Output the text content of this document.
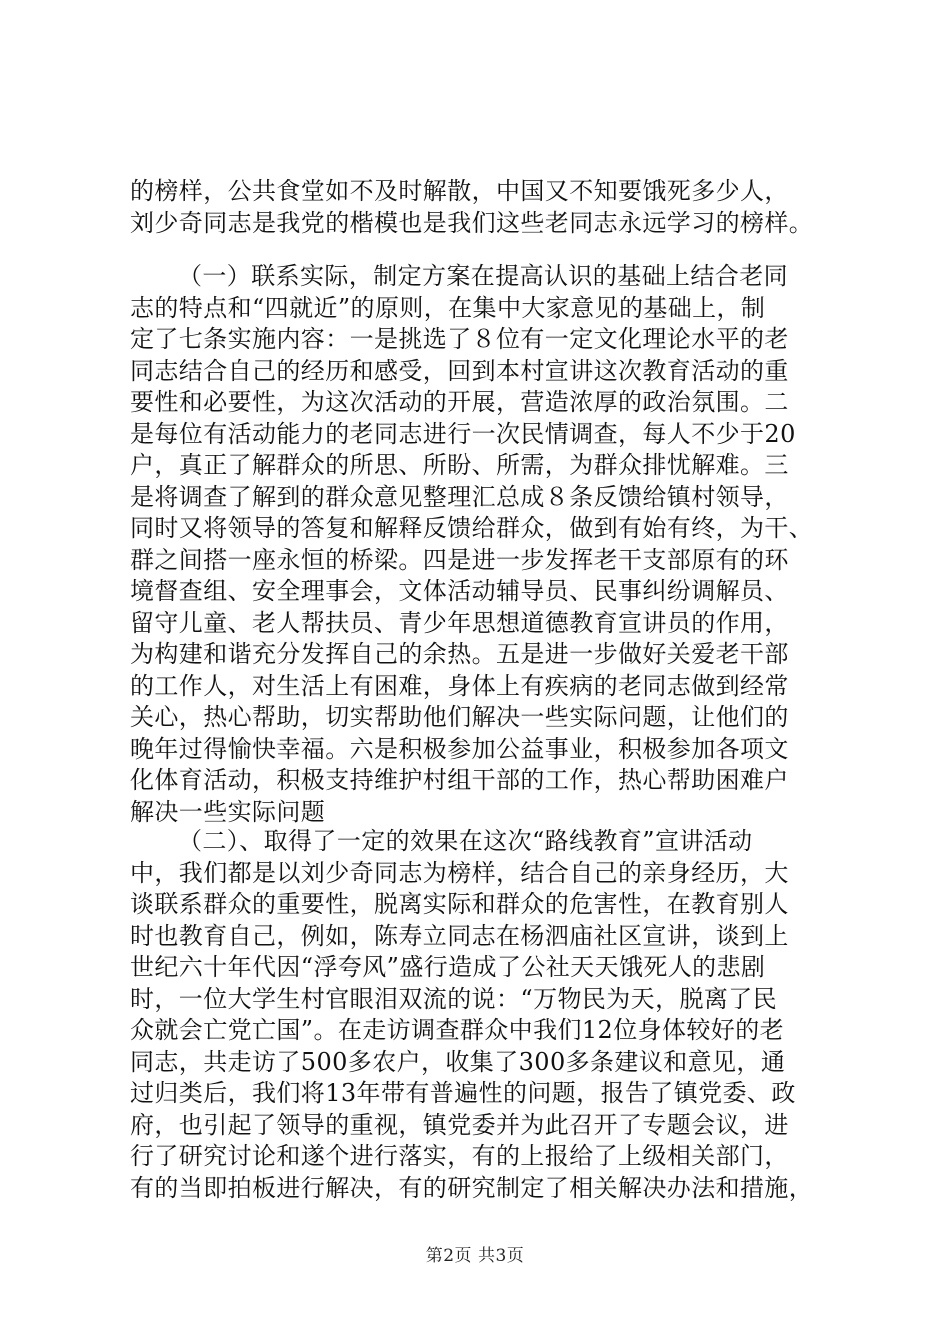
的榜样，公共食堂如不及时解散，中国又不知要饿死多少人，
刘少奇同志是我党的楷模也是我们这些老同志永远学习的榜样。
（一）联系实际，制定方案在提高认识的基础上结合老同
志的特点和“四就近”的原则，在集中大家意见的基础上，制
定了七条实施内容：一是挑选了８位有一定文化理论水平的老
同志结合自己的经历和感受，回到本村宣讲这次教育活动的重
要性和必要性，为这次活动的开展，营造浓厚的政治氛围。二
是每位有活动能力的老同志进行一次民情调查，每人不少于20
户，真正了解群众的所思、所盼、所需，为群众排忧解难。三
是将调查了解到的群众意见整理汇总成８条反馈给镇村领导，
同时又将领导的答复和解释反馈给群众，做到有始有终，为干、
群之间搭一座永恒的桥梁。四是进一步发挥老干支部原有的环
境督查组、安全理事会，文体活动辅导员、民事纠纷调解员、
留守儿童、老人帮扶员、青少年思想道德教育宣讲员的作用，
为构建和谐充分发挥自己的余热。五是进一步做好关爱老干部
的工作人，对生活上有困难，身体上有疾病的老同志做到经常
关心，热心帮助，切实帮助他们解决一些实际问题，让他们的
晚年过得愉快幸福。六是积极参加公益事业，积极参加各项文
化体育活动，积极支持维护村组干部的工作，热心帮助困难户
解决一些实际问题
（二）、取得了一定的效果在这次“路线教育”宣讲活动
中，我们都是以刘少奇同志为榜样，结合自己的亲身经历，大
谈联系群众的重要性，脱离实际和群众的危害性，在教育别人
时也教育自己，例如，陈寿立同志在杨泗庙社区宣讲，谈到上
世纪六十年代因“浮夸风”盛行造成了公社天天饿死人的悲剧
时，一位大学生村官眼泪双流的说：“万物民为天，脱离了民
众就会亡党亡国”。在走访调查群众中我们12位身体较好的老
同志，共走访了500多农户，收集了300多条建议和意见，通
过归类后，我们将13年带有普遍性的问题，报告了镇党委、政
府，也引起了领导的重视，镇党委并为此召开了专题会议，进
行了研究讨论和遂个进行落实，有的上报给了上级相关部门，
有的当即拍板进行解决，有的研究制定了相关解决办法和措施，
第2页 共3页
